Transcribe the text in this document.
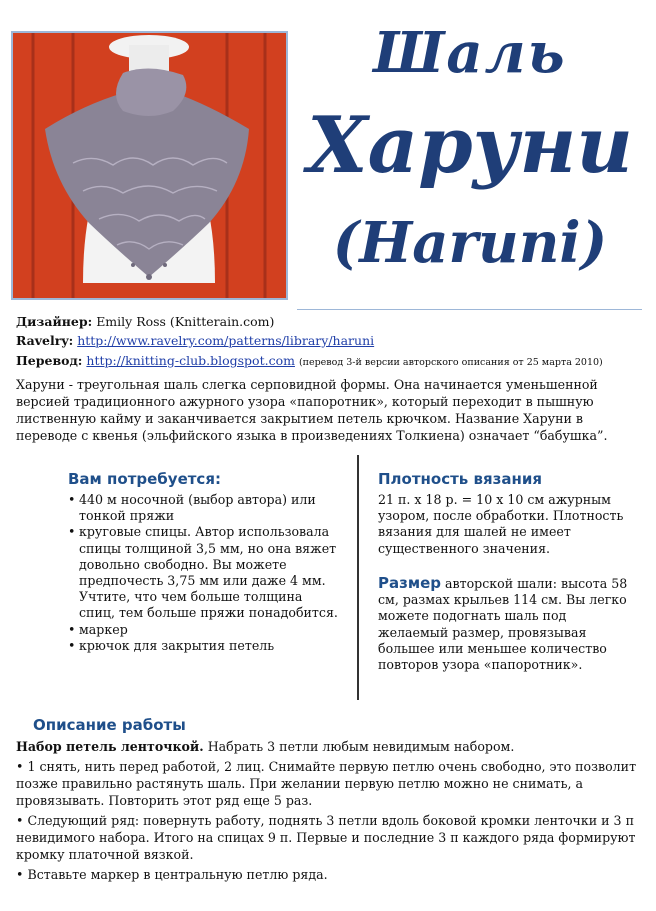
Шаль
Харуни
(Haruni)
Дизайнер: Emily Ross (Knitterain.com)
Ravelry: http://www.ravelry.com/patterns/library/haruni
Перевод: http://knitting-club.blogspot.com (перевод 3-й версии авторского описания от 25 марта 2010)
Харуни - треугольная шаль слегка серповидной формы. Она начинается уменьшенной версией традиционного ажурного узора «папоротник», который переходит в пышную лиственную кайму и заканчивается закрытием петель крючком. Название Харуни в переводе с квенья (эльфийского языка в произведениях Толкиена) означает “бабушка”.
Вам потребуется:
• 440 м носочной (выбор автора) или тонкой пряжи
• круговые спицы. Автор использовала спицы толщиной 3,5 мм, но она вяжет довольно свободно. Вы можете предпочесть 3,75 мм или даже 4 мм. Учтите, что чем больше толщина спиц, тем больше пряжи понадобится.
• маркер
• крючок для закрытия петель
Плотность вязания
21 п. х 18 р. = 10 х 10 см ажурным узором, после обработки. Плотность вязания для шалей не имеет существенного значения.
Размер авторской шали: высота 58 см, размах крыльев 114 см. Вы легко можете подогнать шаль под желаемый размер, провязывая большее или меньшее количество повторов узора «папоротник».
Описание работы

Набор петель ленточкой. Набрать 3 петли любым невидимым набором.

• 1 снять, нить перед работой, 2 лиц. Снимайте первую петлю очень свободно, это позволит позже правильно растянуть шаль. При желании первую петлю можно не снимать, а провязывать. Повторить этот ряд еще 5 раз.

• Следующий ряд: повернуть работу, поднять 3 петли вдоль боковой кромки ленточки и 3 п невидимого набора. Итого на спицах 9 п. Первые и последние 3 п каждого ряда формируют кромку платочной вязкой.

• Вставьте маркер в центральную петлю ряда.
